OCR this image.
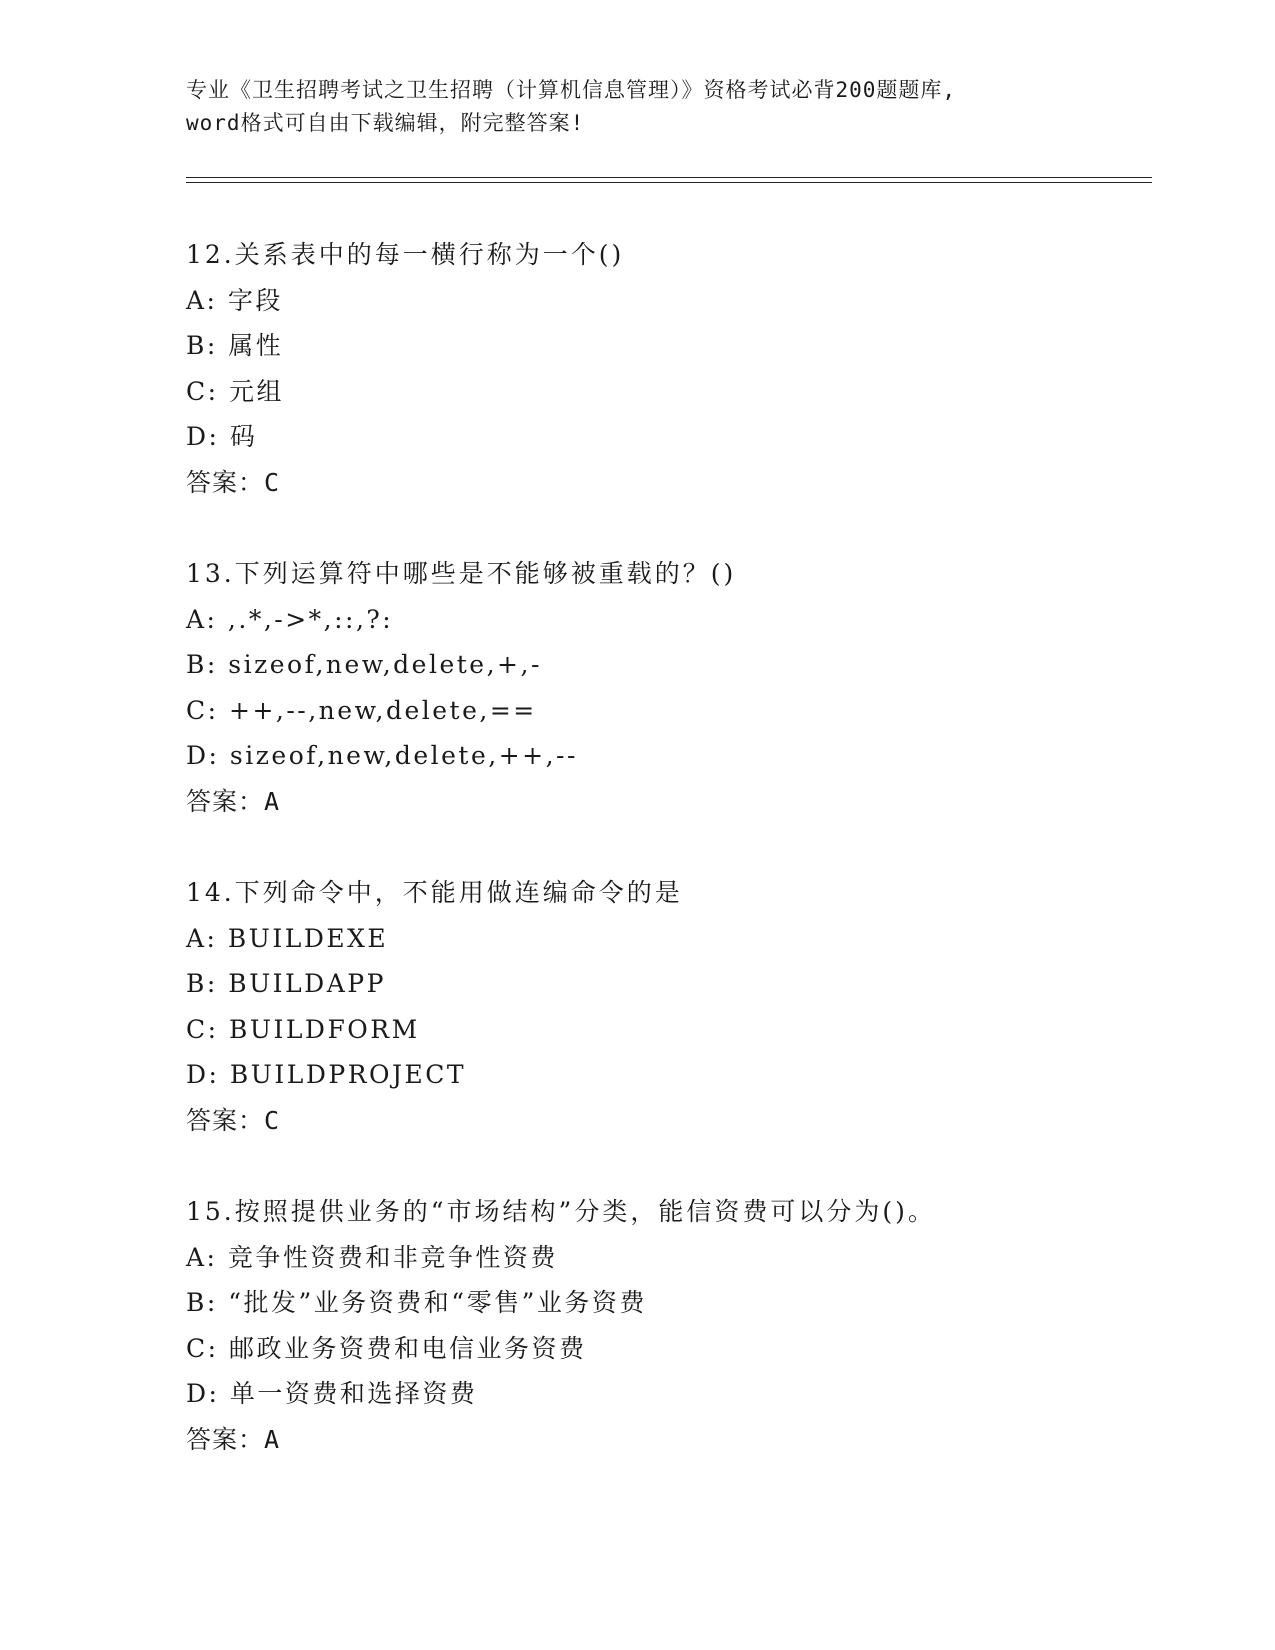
专业《卫生招聘考试之卫生招聘（计算机信息管理）》资格考试必背200题题库,
word格式可自由下载编辑，附完整答案!
12.关系表中的每一横行称为一个()
A: 字段
B: 属性
C: 元组
D: 码
答案：C
13.下列运算符中哪些是不能够被重载的？()
A: ,.*,->*,::,?:
B: sizeof,new,delete,+,-
C: ++,--,new,delete,==
D: sizeof,new,delete,++,--
答案：A
14.下列命令中，不能用做连编命令的是
A: BUILDEXE
B: BUILDAPP
C: BUILDFORM
D: BUILDPROJECT
答案：C
15.按照提供业务的“市场结构”分类，能信资费可以分为()。
A: 竞争性资费和非竞争性资费
B: “批发”业务资费和“零售”业务资费
C: 邮政业务资费和电信业务资费
D: 单一资费和选择资费
答案：A
